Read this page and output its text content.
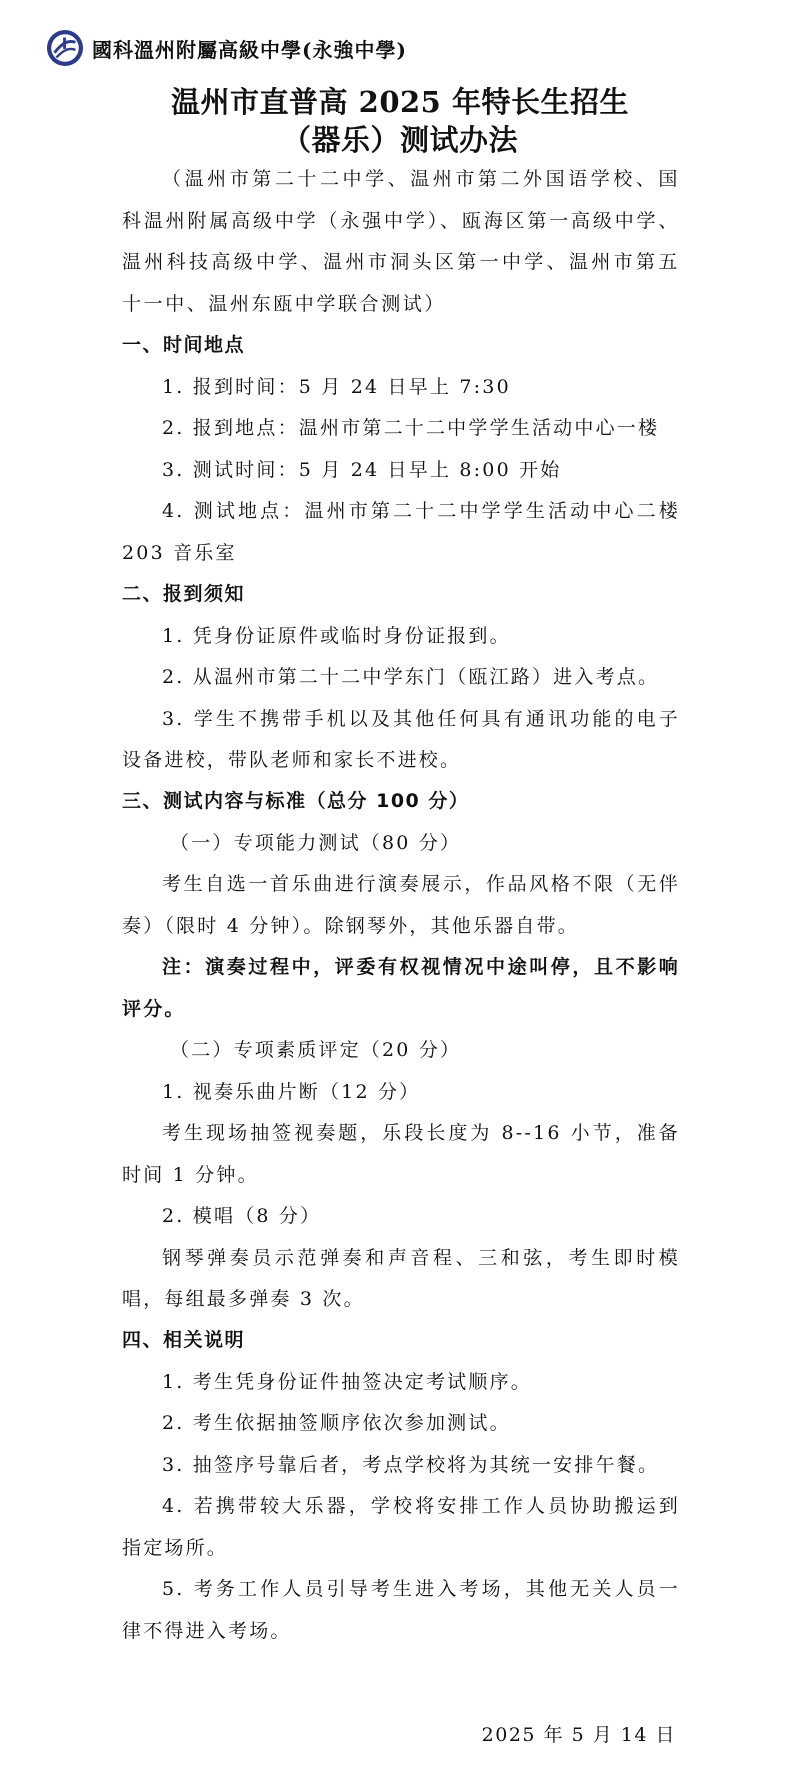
國科溫州附屬高級中學(永強中學)
温州市直普高 2025 年特长生招生
（器乐）测试办法

（温州市第二十二中学、温州市第二外国语学校、国科温州附属高级中学（永强中学）、瓯海区第一高级中学、温州科技高级中学、温州市洞头区第一中学、温州市第五十一中、温州东瓯中学联合测试）

一、时间地点

1. 报到时间：5 月 24 日早上 7:30

2. 报到地点：温州市第二十二中学学生活动中心一楼

3. 测试时间：5 月 24 日早上 8:00 开始

4. 测试地点：温州市第二十二中学学生活动中心二楼 203 音乐室

二、报到须知

1. 凭身份证原件或临时身份证报到。

2. 从温州市第二十二中学东门（瓯江路）进入考点。

3. 学生不携带手机以及其他任何具有通讯功能的电子设备进校，带队老师和家长不进校。

三、测试内容与标准（总分 100 分）

（一）专项能力测试（80 分）

考生自选一首乐曲进行演奏展示，作品风格不限（无伴奏）（限时 4 分钟）。除钢琴外，其他乐器自带。

注：演奏过程中，评委有权视情况中途叫停，且不影响评分。

（二）专项素质评定（20 分）

1. 视奏乐曲片断（12 分）

考生现场抽签视奏题，乐段长度为 8--16 小节，准备时间 1 分钟。

2. 模唱（8 分）

钢琴弹奏员示范弹奏和声音程、三和弦，考生即时模唱，每组最多弹奏 3 次。

四、相关说明

1. 考生凭身份证件抽签决定考试顺序。

2. 考生依据抽签顺序依次参加测试。

3. 抽签序号靠后者，考点学校将为其统一安排午餐。

4. 若携带较大乐器，学校将安排工作人员协助搬运到指定场所。

5. 考务工作人员引导考生进入考场，其他无关人员一律不得进入考场。

2025 年 5 月 14 日
